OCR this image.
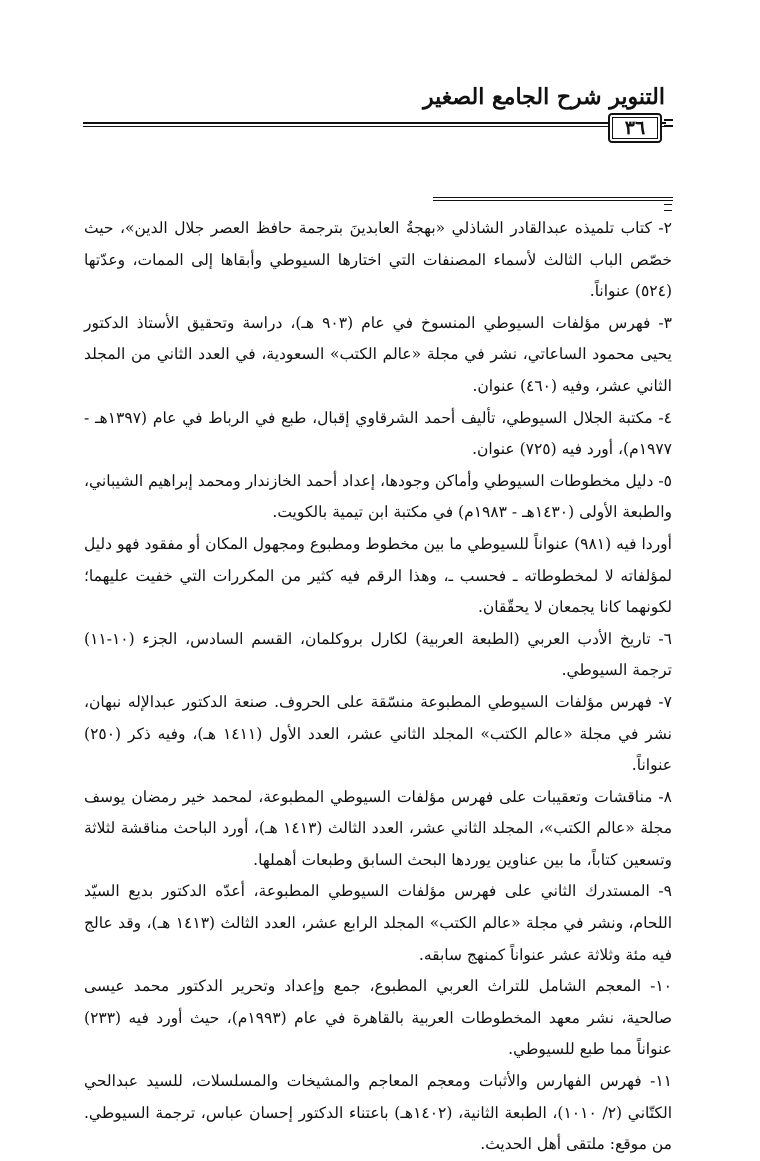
التنوير شرح الجامع الصغير
٣٦

٢- كتاب تلميذه عبدالقادر الشاذلي «بهجةُ العابدينَ بترجمة حافظ العصر جلال الدين»، حيث خصّص الباب الثالث لأسماء المصنفات التي اختارها السيوطي وأبقاها إلى الممات، وعدّتها (٥٢٤) عنواناً.

٣- فهرس مؤلفات السيوطي المنسوخ في عام (٩٠٣ هـ)، دراسة وتحقيق الأستاذ الدكتور يحيى محمود الساعاتي، نشر في مجلة «عالم الكتب» السعودية، في العدد الثاني من المجلد الثاني عشر، وفيه (٤٦٠) عنوان.

٤- مكتبة الجلال السيوطي، تأليف أحمد الشرقاوي إقبال، طبع في الرباط في عام (١٣٩٧هـ - ١٩٧٧م)، أورد فيه (٧٢٥) عنوان.

٥- دليل مخطوطات السيوطي وأماكن وجودها، إعداد أحمد الخازندار ومحمد إبراهيم الشيباني، والطبعة الأولى (١٤٣٠هـ - ١٩٨٣م) في مكتبة ابن تيمية بالكويت.

أوردا فيه (٩٨١) عنواناً للسيوطي ما بين مخطوط ومطبوع ومجهول المكان أو مفقود فهو دليل لمؤلفاته لا لمخطوطاته ـ فحسب ـ، وهذا الرقم فيه كثير من المكررات التي خفيت عليهما؛ لكونهما كانا يجمعان لا يحقّقان.

٦- تاريخ الأدب العربي (الطبعة العربية) لكارل بروكلمان، القسم السادس، الجزء (١٠-١١) ترجمة السيوطي.

٧- فهرس مؤلفات السيوطي المطبوعة منسّقة على الحروف. صنعة الدكتور عبدالإله نبهان، نشر في مجلة «عالم الكتب» المجلد الثاني عشر، العدد الأول (١٤١١ هـ)، وفيه ذكر (٢٥٠) عنواناً.

٨- مناقشات وتعقيبات على فهرس مؤلفات السيوطي المطبوعة، لمحمد خير رمضان يوسف مجلة «عالم الكتب»، المجلد الثاني عشر، العدد الثالث (١٤١٣ هـ)، أورد الباحث مناقشة لثلاثة وتسعين كتاباً، ما بين عناوين يوردها البحث السابق وطبعات أهملها.

٩- المستدرك الثاني على فهرس مؤلفات السيوطي المطبوعة، أعدّه الدكتور بديع السيّد اللحام، ونشر في مجلة «عالم الكتب» المجلد الرابع عشر، العدد الثالث (١٤١٣ هـ)، وقد عالج فيه مئة وثلاثة عشر عنواناً كمنهج سابقه.

١٠- المعجم الشامل للتراث العربي المطبوع، جمع وإعداد وتحرير الدكتور محمد عيسى صالحية، نشر معهد المخطوطات العربية بالقاهرة في عام (١٩٩٣م)، حيث أورد فيه (٢٣٣) عنواناً مما طبع للسيوطي.

١١- فهرس الفهارس والأثبات ومعجم المعاجم والمشيخات والمسلسلات، للسيد عبدالحي الكتّاني (٢/ ١٠١٠)، الطبعة الثانية، (١٤٠٢هـ) باعتناء الدكتور إحسان عباس، ترجمة السيوطي. من موقع: ملتقى أهل الحديث.
